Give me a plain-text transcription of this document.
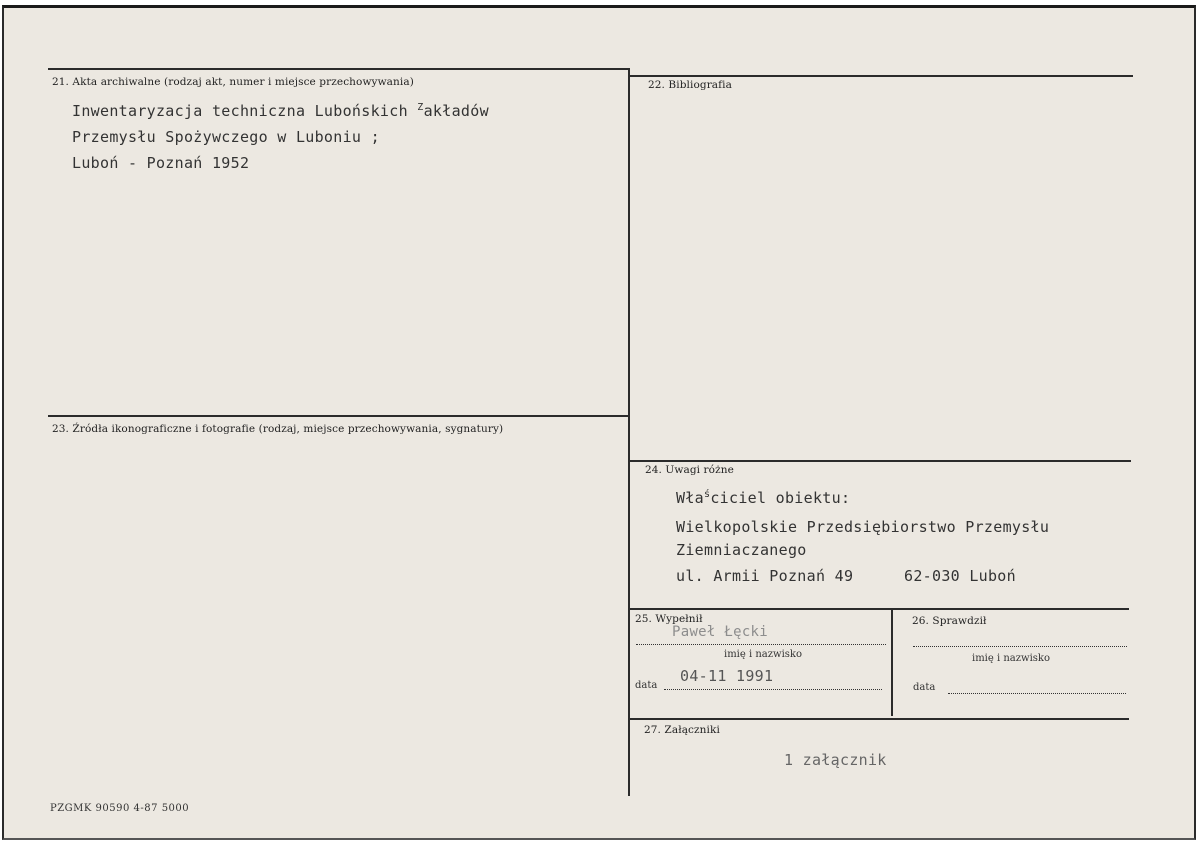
21. Akta archiwalne (rodzaj akt, numer i miejsce przechowywania)
Inwentaryzacja techniczna Lubońskich $^Z$akładów
Przemysłu Spożywczego w Luboniu ;
Luboń - Poznań 1952
22. Bibliografia
23. Źródła ikonograficzne i fotografie (rodzaj, miejsce przechowywania, sygnatury)
24. Uwagi różne
Wła$^ś$ciciel obiektu:
Wielkopolskie Przedsiębiorstwo Przemysłu
Ziemniaczanego
ul. Armii Poznań 49	62-030 Luboń
25. Wypełnił
Paweł Łęcki
imię i nazwisko
04-11 1991
data
26. Sprawdził
imię i nazwisko
data
27. Załączniki
1 załącznik
PZGMK 90590 4-87 5000
